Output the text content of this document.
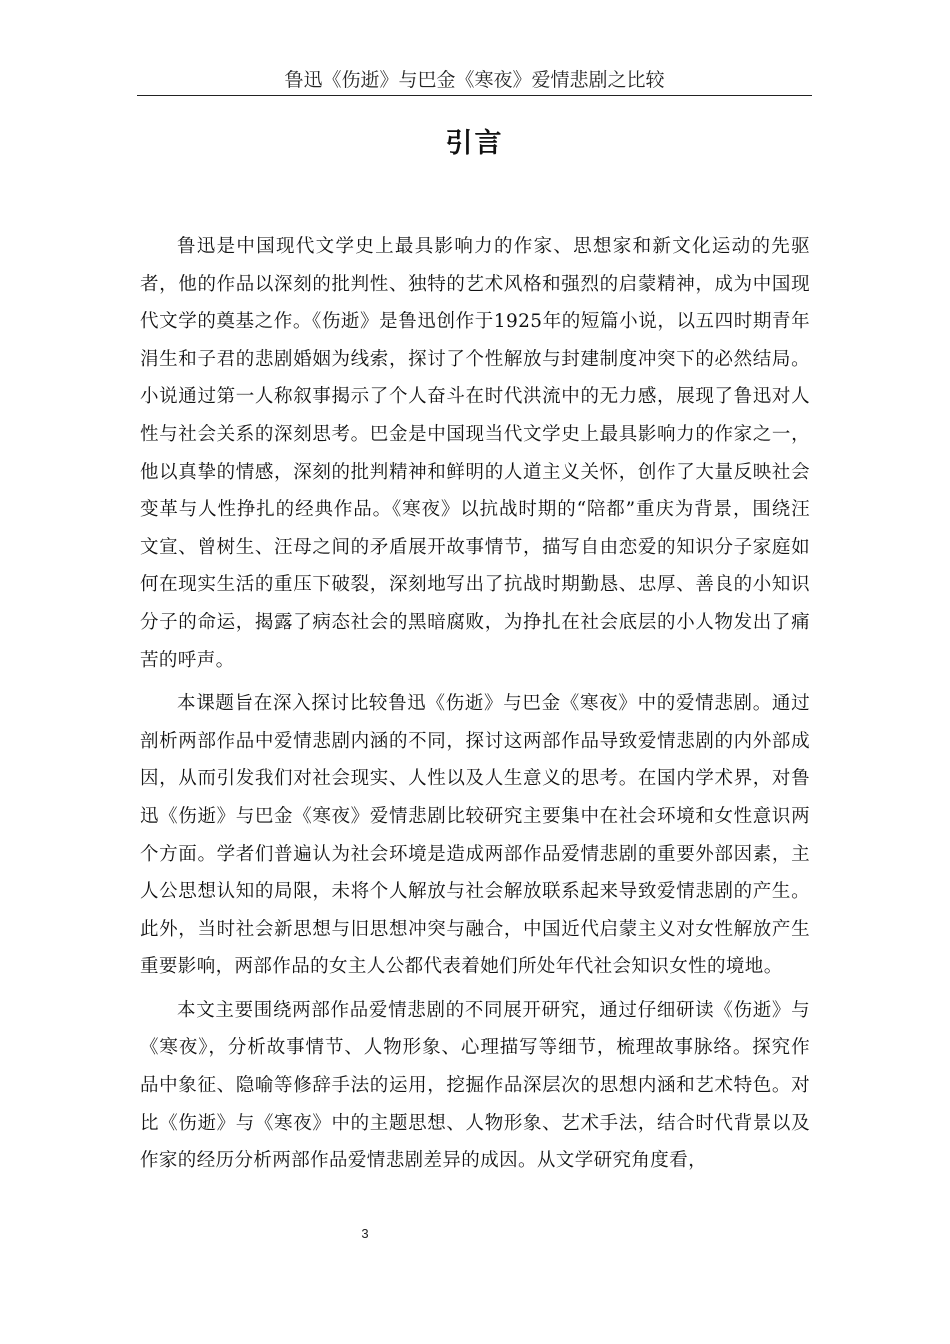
鲁迅《伤逝》与巴金《寒夜》爱情悲剧之比较
引言

鲁迅是中国现代文学史上最具影响力的作家、思想家和新文化运动的先驱者，他的作品以深刻的批判性、独特的艺术风格和强烈的启蒙精神，成为中国现代文学的奠基之作。《伤逝》是鲁迅创作于1925年的短篇小说，以五四时期青年涓生和子君的悲剧婚姻为线索，探讨了个性解放与封建制度冲突下的必然结局。小说通过第一人称叙事揭示了个人奋斗在时代洪流中的无力感，展现了鲁迅对人性与社会关系的深刻思考。巴金是中国现当代文学史上最具影响力的作家之一，他以真挚的情感，深刻的批判精神和鲜明的人道主义关怀，创作了大量反映社会变革与人性挣扎的经典作品。《寒夜》以抗战时期的“陪都”重庆为背景，围绕汪文宣、曾树生、汪母之间的矛盾展开故事情节，描写自由恋爱的知识分子家庭如何在现实生活的重压下破裂，深刻地写出了抗战时期勤恳、忠厚、善良的小知识分子的命运，揭露了病态社会的黑暗腐败，为挣扎在社会底层的小人物发出了痛苦的呼声。

本课题旨在深入探讨比较鲁迅《伤逝》与巴金《寒夜》中的爱情悲剧。通过剖析两部作品中爱情悲剧内涵的不同，探讨这两部作品导致爱情悲剧的内外部成因，从而引发我们对社会现实、人性以及人生意义的思考。在国内学术界，对鲁迅《伤逝》与巴金《寒夜》爱情悲剧比较研究主要集中在社会环境和女性意识两个方面。学者们普遍认为社会环境是造成两部作品爱情悲剧的重要外部因素，主人公思想认知的局限，未将个人解放与社会解放联系起来导致爱情悲剧的产生。此外，当时社会新思想与旧思想冲突与融合，中国近代启蒙主义对女性解放产生重要影响，两部作品的女主人公都代表着她们所处年代社会知识女性的境地。

本文主要围绕两部作品爱情悲剧的不同展开研究，通过仔细研读《伤逝》与《寒夜》，分析故事情节、人物形象、心理描写等细节，梳理故事脉络。探究作品中象征、隐喻等修辞手法的运用，挖掘作品深层次的思想内涵和艺术特色。对比《伤逝》与《寒夜》中的主题思想、人物形象、艺术手法，结合时代背景以及作家的经历分析两部作品爱情悲剧差异的成因。从文学研究角度看，

3
